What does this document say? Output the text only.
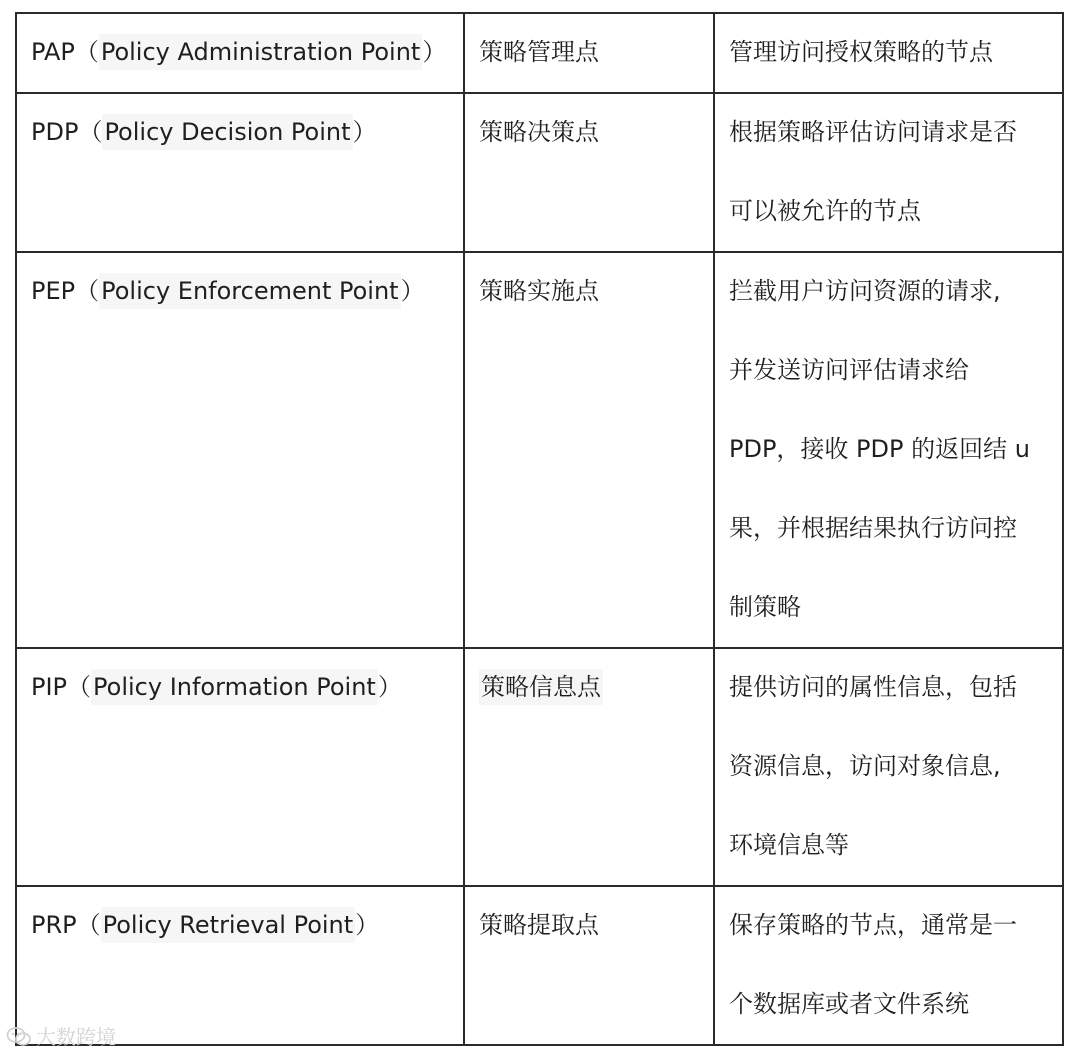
PAP（Policy Administration Point）	策略管理点	管理访问授权策略的节点

PDP（Policy Decision Point）	策略决策点	根据策略评估访问请求是否
可以被允许的节点

PEP（Policy Enforcement Point）	策略实施点	拦截用户访问资源的请求,
并发送访问评估请求给
PDP，接收 PDP 的返回结 u
果，并根据结果执行访问控
制策略

PIP（Policy Information Point）	策略信息点	提供访问的属性信息，包括
资源信息，访问对象信息,
环境信息等

PRP（Policy Retrieval Point）	策略提取点	保存策略的节点，通常是一
个数据库或者文件系统
大数跨境
